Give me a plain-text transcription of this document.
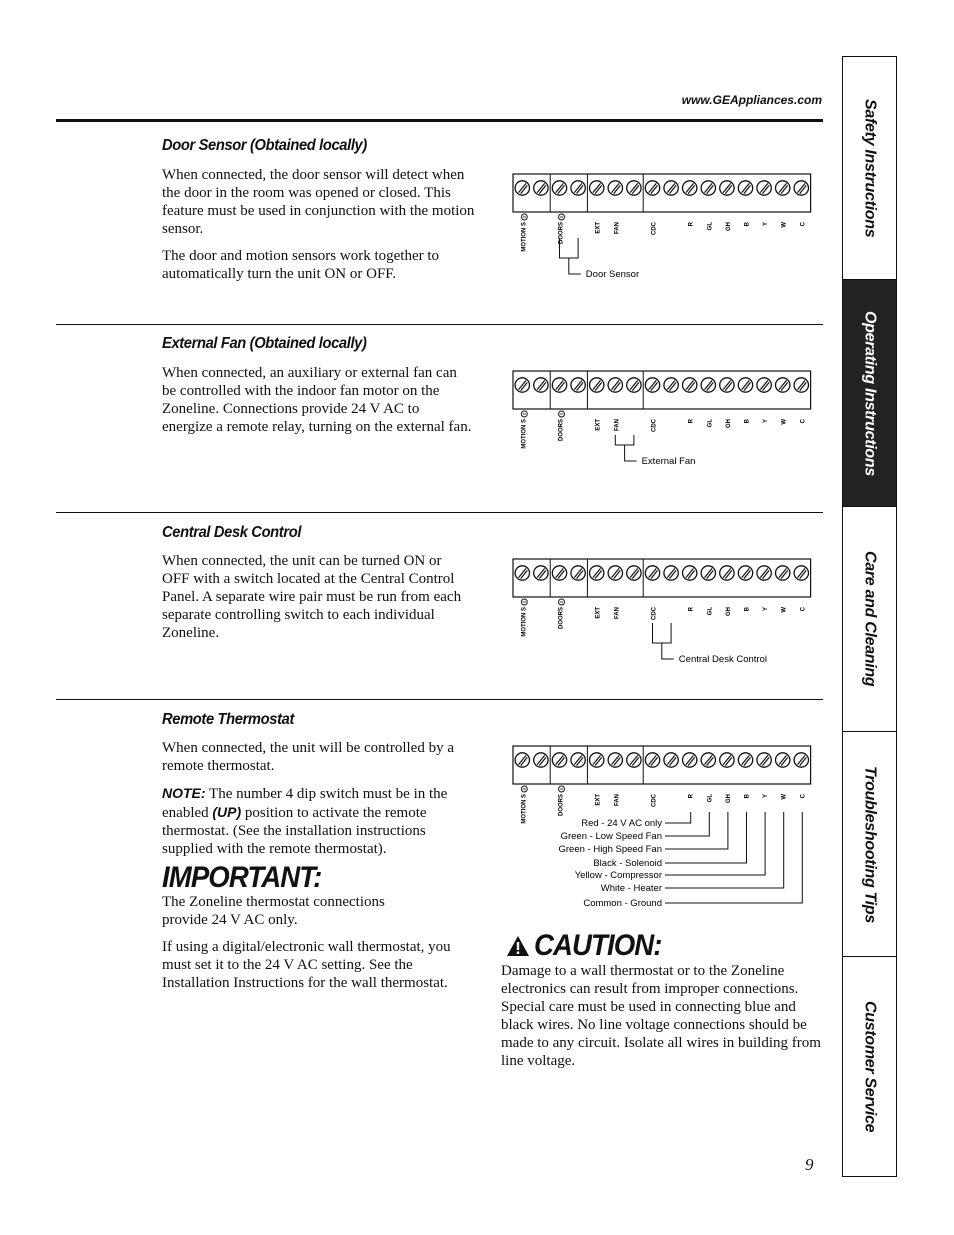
www.GEAppliances.com
Door Sensor (Obtained locally)

When connected, the door sensor will detect when the door in the room was opened or closed. This feature must be used in conjunction with the motion sensor.

The door and motion sensors work together to automatically turn the unit ON or OFF.

External Fan (Obtained locally)

When connected, an auxiliary or external fan can be controlled with the indoor fan motor on the Zoneline. Connections provide 24 V AC to energize a remote relay, turning on the external fan.

Central Desk Control

When connected, the unit can be turned ON or OFF with a switch located at the Central Control Panel. A separate wire pair must be run from each separate controlling switch to each individual Zoneline.

Remote Thermostat

When connected, the unit will be controlled by a remote thermostat.

NOTE: The number 4 dip switch must be in the enabled (UP) position to activate the remote thermostat. (See the installation instructions supplied with the remote thermostat).

IMPORTANT:

The Zoneline thermostat connections provide 24 V AC only.

If using a digital/electronic wall thermostat, you must set it to the 24 V AC setting. See the Installation Instructions for the wall thermostat.

CAUTION:

Damage to a wall thermostat or to the Zoneline electronics can result from improper connections. Special care must be used in connecting blue and black wires. No line voltage connections should be made to any circuit. Isolate all wires in building from line voltage.

MOTION S	DOORS	EXT FAN	CDC	R GL GH B Y W C
Door Sensor
MOTION S	DOORS	EXT FAN	CDC	R GL GH B Y W C
External Fan
MOTION S	DOORS	EXT FAN	CDC	R GL GH B Y W C
Central Desk Control
MOTION S	DOORS	EXT FAN	CDC	R GL GH B Y W C
Red - 24 V AC only
Green - Low Speed Fan
Green - High Speed Fan
Black - Solenoid
Yellow - Compressor
White - Heater
Common - Ground
Safety Instructions
Operating Instructions
Care and Cleaning
Troubleshooting Tips
Customer Service
9
